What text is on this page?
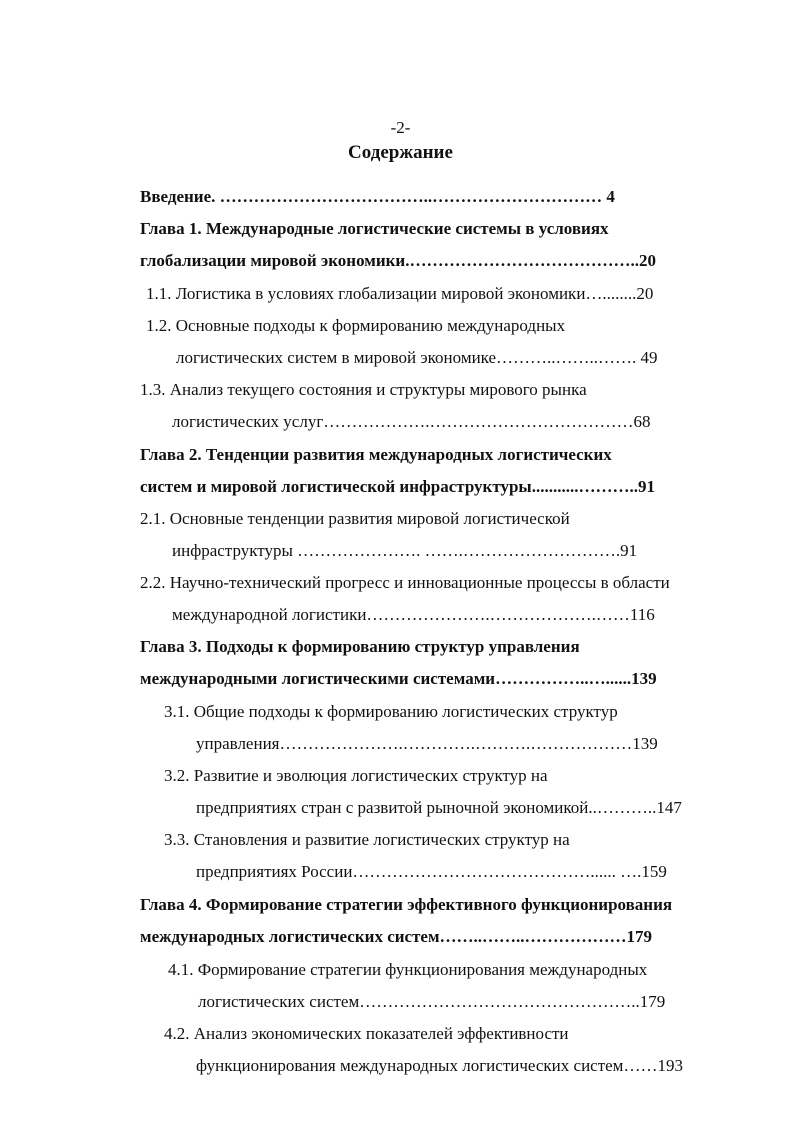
-2-
Содержание
Введение. ………………………………..………………………… 4
Глава 1. Международные логистические системы в условиях
глобализации мировой экономики.…………………………………..20
1.1. Логистика в условиях глобализации мировой экономики…........20
1.2. Основные подходы к формированию международных
логистических систем в мировой экономике………..……..……. 49
1.3. Анализ текущего состояния и структуры мирового рынка
логистических услуг……………….………………………………68
Глава 2. Тенденции развития международных логистических
систем и мировой логистической инфраструктуры...........………..91
2.1. Основные тенденции развития мировой логистической
инфраструктуры …………………. …….……………………….91
2.2. Научно-технический прогресс и инновационные процессы в области
международной логистики………………….……………….……116
Глава 3. Подходы к формированию структур управления
международными логистическими системами……………..…......139
3.1. Общие подходы к формированию логистических структур
управления………………….………….……….………………139
3.2. Развитие и эволюция логистических структур на
предприятиях стран с развитой рыночной экономикой..………..147
3.3. Становления и развитие логистических структур на
предприятиях России……………………………………...... ….159
Глава 4. Формирование стратегии эффективного функционирования
международных логистических систем……..……..………………179
4.1. Формирование стратегии функционирования международных
логистических систем…………………………………………..179
4.2. Анализ экономических показателей эффективности
функционирования международных логистических систем……193
